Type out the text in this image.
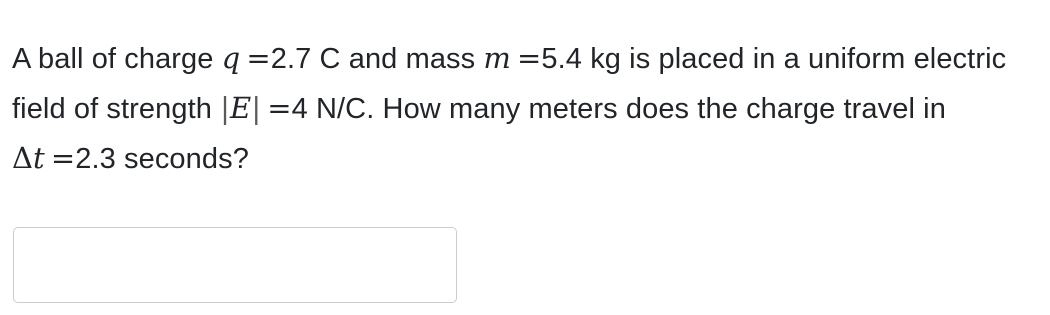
A ball of charge q =2.7 C and mass m =5.4 kg is placed in a uniform electric field of strength |E| =4 N/C. How many meters does the charge travel in Δt =2.3 seconds?
